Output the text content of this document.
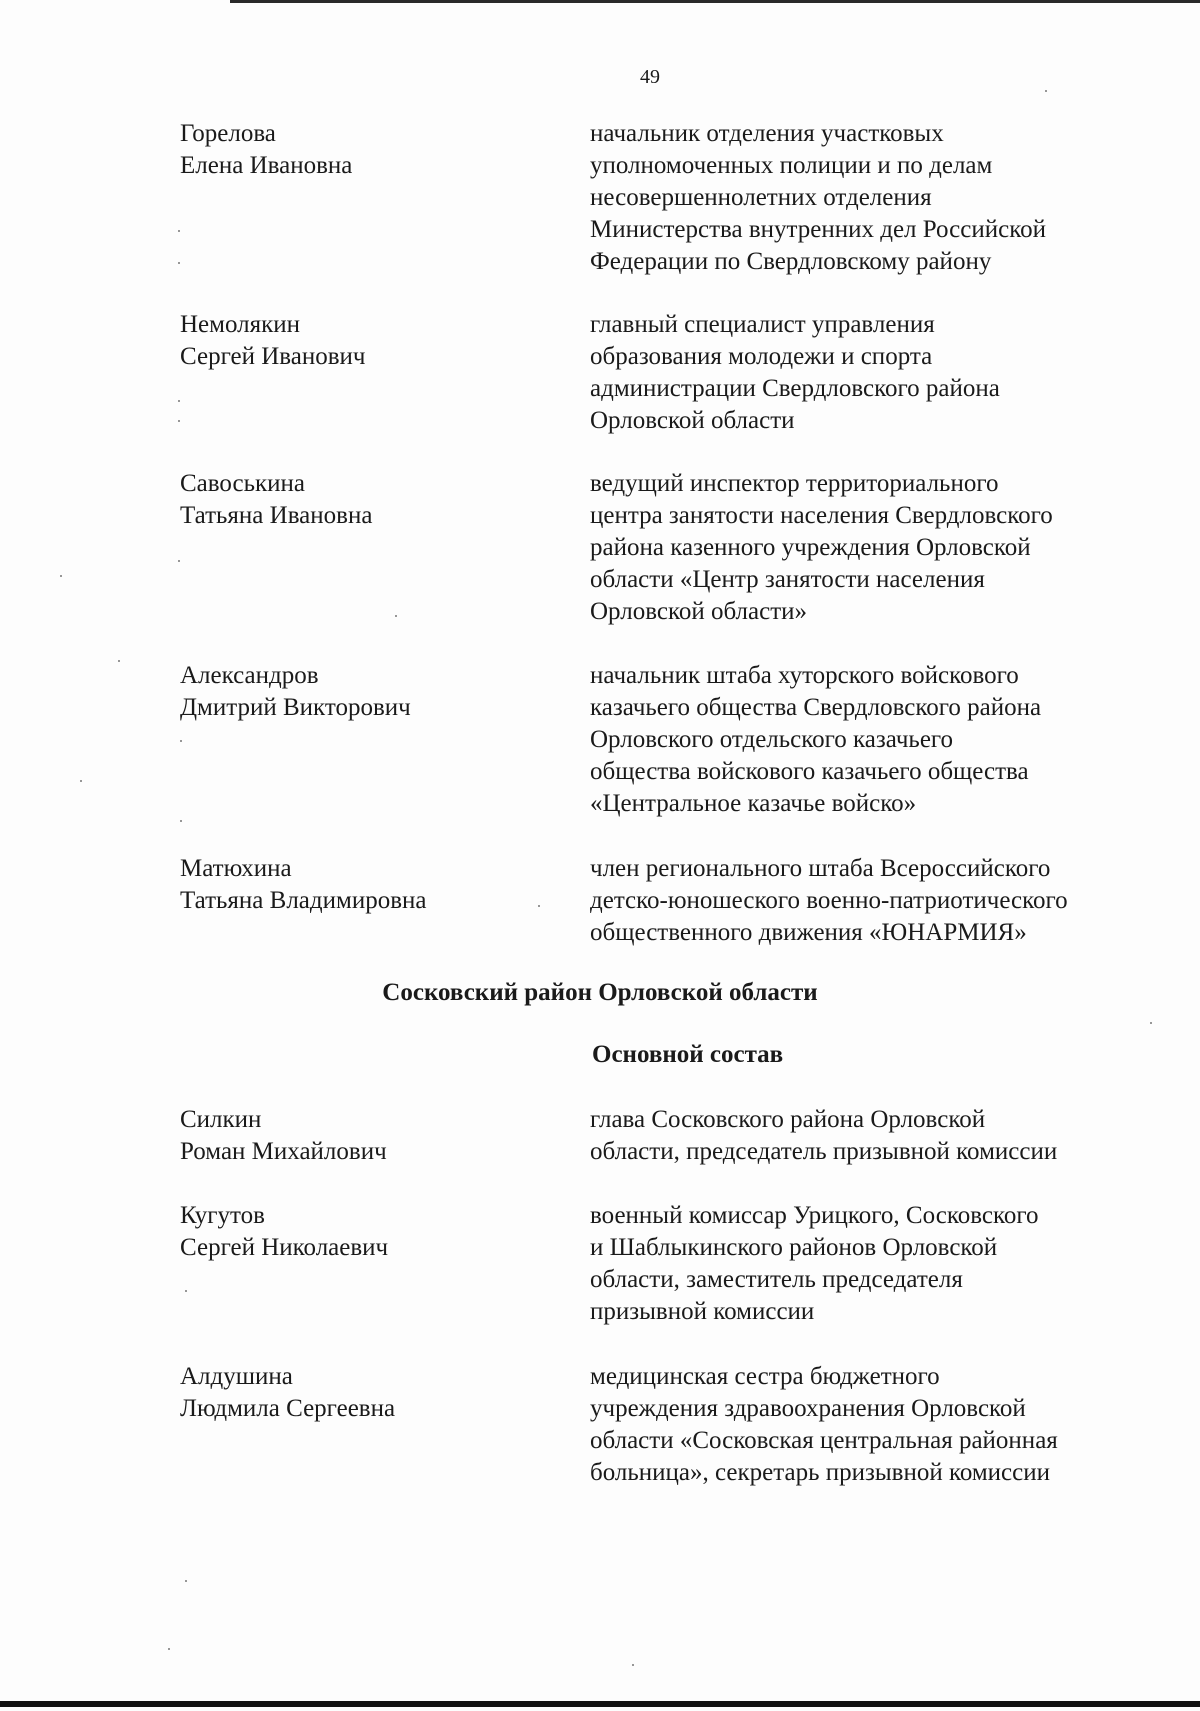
49
Горелова
Елена Ивановна
начальник отделения участковых
уполномоченных полиции и по делам
несовершеннолетних отделения
Министерства внутренних дел Российской
Федерации по Свердловскому району
Немолякин
Сергей Иванович
главный специалист управления
образования молодежи и спорта
администрации Свердловского района
Орловской области
Савоськина
Татьяна Ивановна
ведущий инспектор территориального
центра занятости населения Свердловского
района казенного учреждения Орловской
области «Центр занятости населения
Орловской области»
Александров
Дмитрий Викторович
начальник штаба хуторского войскового
казачьего общества Свердловского района
Орловского отдельского казачьего
общества войскового казачьего общества
«Центральное казачье войско»
Матюхина
Татьяна Владимировна
член регионального штаба Всероссийского
детско-юношеского военно-патриотического
общественного движения «ЮНАРМИЯ»
Сосковский район Орловской области
Основной состав
Силкин
Роман Михайлович
глава Сосковского района Орловской
области, председатель призывной комиссии
Кугутов
Сергей Николаевич
военный комиссар Урицкого, Сосковского
и Шаблыкинского районов Орловской
области, заместитель председателя
призывной комиссии
Алдушина
Людмила Сергеевна
медицинская сестра бюджетного
учреждения здравоохранения Орловской
области «Сосковская центральная районная
больница», секретарь призывной комиссии
